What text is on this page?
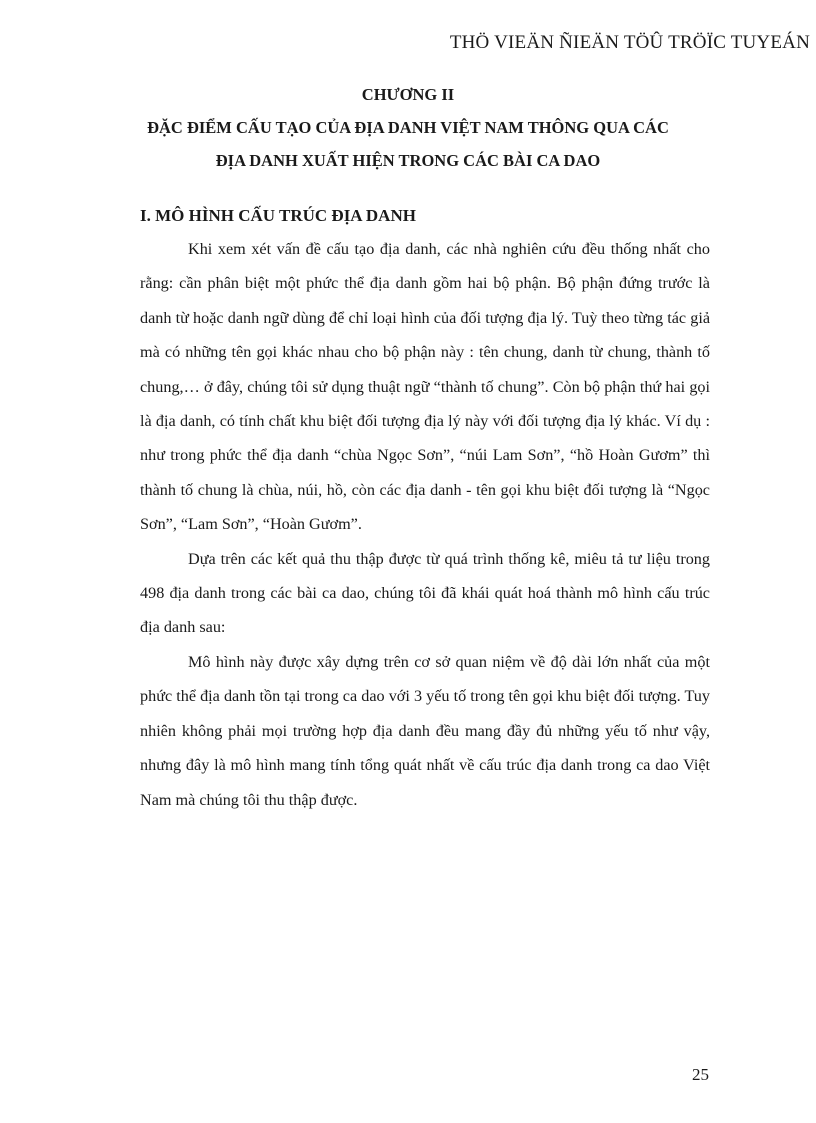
THÖ VIEÄN ÑIEÄN TÖÛ TRÖÏC TUYEÁN
CHƯƠNG II
ĐẶC ĐIỂM CẤU TẠO CỦA ĐỊA DANH VIỆT NAM THÔNG QUA CÁC
ĐỊA DANH XUẤT HIỆN TRONG CÁC BÀI CA DAO
I. MÔ HÌNH CẤU TRÚC ĐỊA DANH

Khi xem xét vấn đề cấu tạo địa danh, các nhà nghiên cứu đều thống nhất cho rằng: cần phân biệt một phức thể địa danh gồm hai bộ phận. Bộ phận đứng trước là danh từ hoặc danh ngữ dùng để chỉ loại hình của đối tượng địa lý. Tuỳ theo từng tác giả mà có những tên gọi khác nhau cho bộ phận này : tên chung, danh từ chung, thành tố chung,… ở đây, chúng tôi sử dụng thuật ngữ “thành tố chung”. Còn bộ phận thứ hai gọi là địa danh, có tính chất khu biệt đối tượng địa lý này với đối tượng địa lý khác. Ví dụ : như trong phức thể địa danh “chùa Ngọc Sơn”, “núi Lam Sơn”, “hồ Hoàn Gươm” thì thành tố chung là chùa, núi, hồ, còn các địa danh - tên gọi khu biệt đối tượng là “Ngọc Sơn”, “Lam Sơn”, “Hoàn Gươm”.

Dựa trên các kết quả thu thập được từ quá trình thống kê, miêu tả tư liệu trong 498 địa danh trong các bài ca dao, chúng tôi đã khái quát hoá thành mô hình cấu trúc địa danh sau:

Mô hình này được xây dựng trên cơ sở quan niệm về độ dài lớn nhất của một phức thể địa danh tồn tại trong ca dao với 3 yếu tố trong tên gọi khu biệt đối tượng. Tuy nhiên không phải mọi trường hợp địa danh đều mang đầy đủ những yếu tố như vậy, nhưng đây là mô hình mang tính tổng quát nhất về cấu trúc địa danh trong ca dao Việt Nam mà chúng tôi thu thập được.

25
